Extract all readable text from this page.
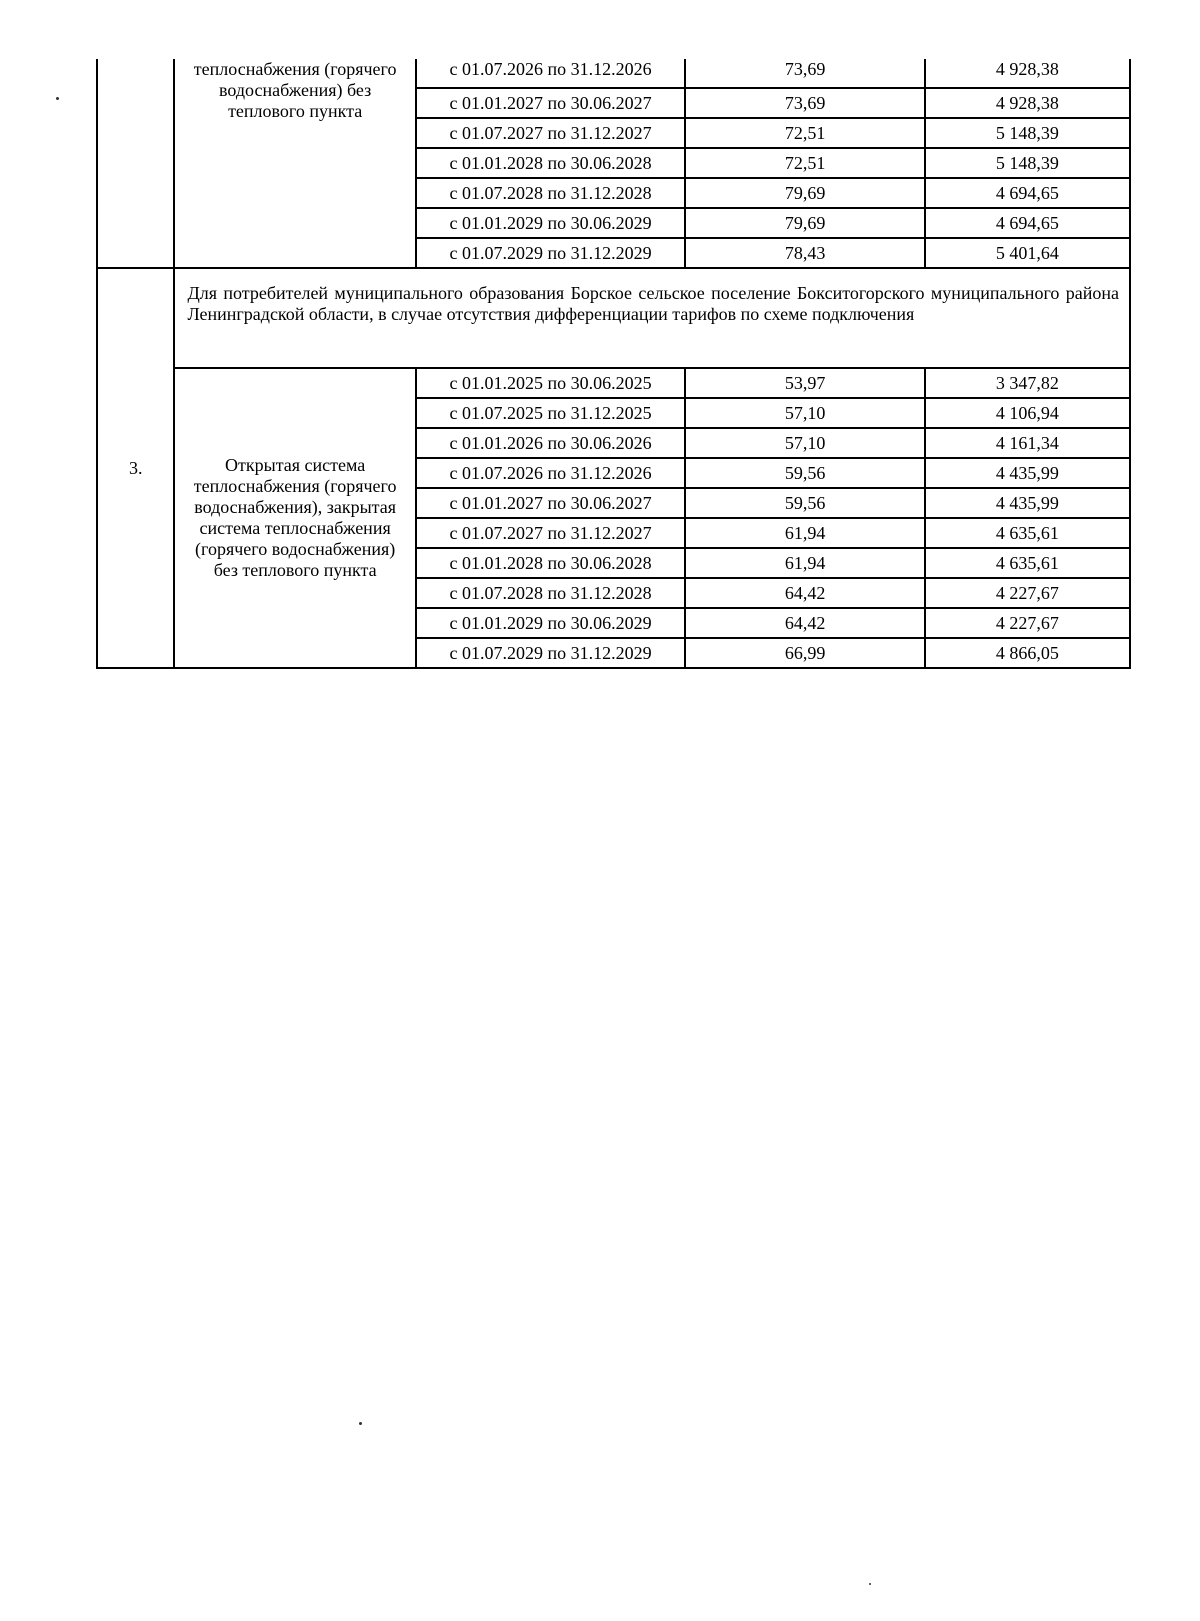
	теплоснабжения (горячего водоснабжения) без теплового пункта	с 01.07.2026 по 31.12.2026	73,69	4 928,38
		с 01.01.2027 по 30.06.2027	73,69	4 928,38
		с 01.07.2027 по 31.12.2027	72,51	5 148,39
		с 01.01.2028 по 30.06.2028	72,51	5 148,39
		с 01.07.2028 по 31.12.2028	79,69	4 694,65
		с 01.01.2029 по 30.06.2029	79,69	4 694,65
		с 01.07.2029 по 31.12.2029	78,43	5 401,64
3.	Для потребителей муниципального образования Борское сельское поселение Бокситогорского муниципального района Ленинградской области, в случае отсутствия дифференциации тарифов по схеме подключения			

	Открытая система теплоснабжения (горячего водоснабжения), закрытая система теплоснабжения (горячего водоснабжения) без теплового пункта	с 01.01.2025 по 30.06.2025	53,97	3 347,82
		с 01.07.2025 по 31.12.2025	57,10	4 106,94
		с 01.01.2026 по 30.06.2026	57,10	4 161,34
		с 01.07.2026 по 31.12.2026	59,56	4 435,99
		с 01.01.2027 по 30.06.2027	59,56	4 435,99
		с 01.07.2027 по 31.12.2027	61,94	4 635,61
		с 01.01.2028 по 30.06.2028	61,94	4 635,61
		с 01.07.2028 по 31.12.2028	64,42	4 227,67
		с 01.01.2029 по 30.06.2029	64,42	4 227,67
		с 01.07.2029 по 31.12.2029	66,99	4 866,05
